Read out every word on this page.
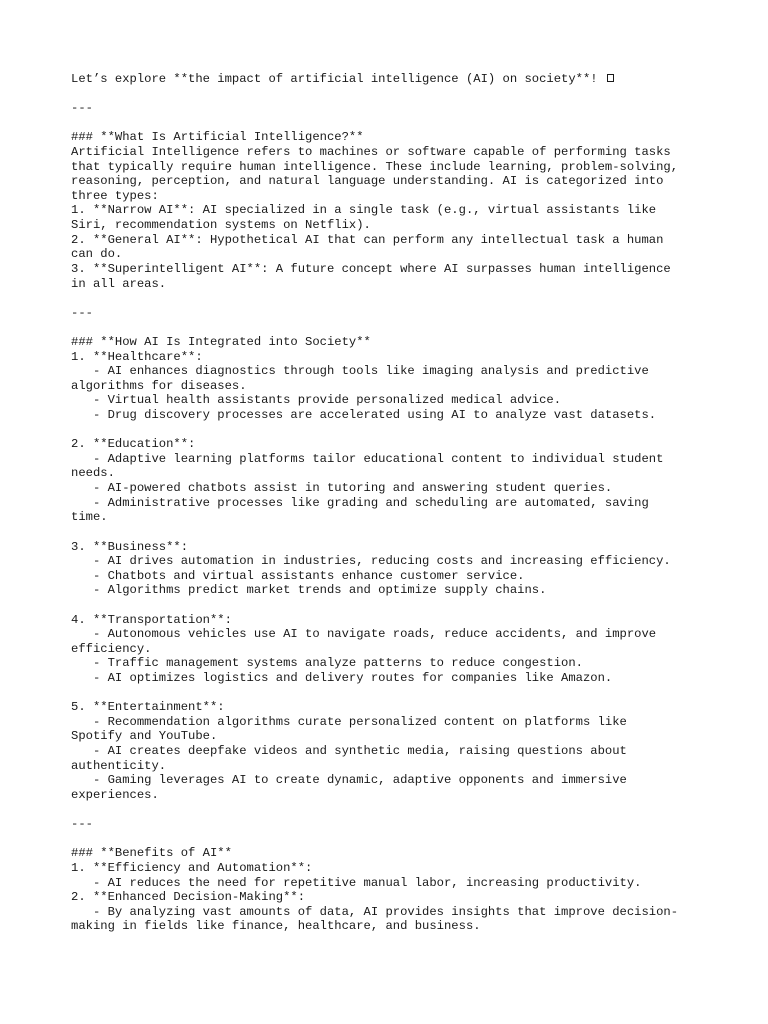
Let’s explore **the impact of artificial intelligence (AI) on society**!
---
### **What Is Artificial Intelligence?**
Artificial Intelligence refers to machines or software capable of performing tasks
that typically require human intelligence. These include learning, problem-solving,
reasoning, perception, and natural language understanding. AI is categorized into
three types:
1. **Narrow AI**: AI specialized in a single task (e.g., virtual assistants like
Siri, recommendation systems on Netflix).
2. **General AI**: Hypothetical AI that can perform any intellectual task a human
can do.
3. **Superintelligent AI**: A future concept where AI surpasses human intelligence
in all areas.
---
### **How AI Is Integrated into Society**
1. **Healthcare**:
- AI enhances diagnostics through tools like imaging analysis and predictive
algorithms for diseases.
- Virtual health assistants provide personalized medical advice.
- Drug discovery processes are accelerated using AI to analyze vast datasets.
2. **Education**:
- Adaptive learning platforms tailor educational content to individual student
needs.
- AI-powered chatbots assist in tutoring and answering student queries.
- Administrative processes like grading and scheduling are automated, saving
time.
3. **Business**:
- AI drives automation in industries, reducing costs and increasing efficiency.
- Chatbots and virtual assistants enhance customer service.
- Algorithms predict market trends and optimize supply chains.
4. **Transportation**:
- Autonomous vehicles use AI to navigate roads, reduce accidents, and improve
efficiency.
- Traffic management systems analyze patterns to reduce congestion.
- AI optimizes logistics and delivery routes for companies like Amazon.
5. **Entertainment**:
- Recommendation algorithms curate personalized content on platforms like
Spotify and YouTube.
- AI creates deepfake videos and synthetic media, raising questions about
authenticity.
- Gaming leverages AI to create dynamic, adaptive opponents and immersive
experiences.
---
### **Benefits of AI**
1. **Efficiency and Automation**:
- AI reduces the need for repetitive manual labor, increasing productivity.
2. **Enhanced Decision-Making**:
- By analyzing vast amounts of data, AI provides insights that improve decision-
making in fields like finance, healthcare, and business.
